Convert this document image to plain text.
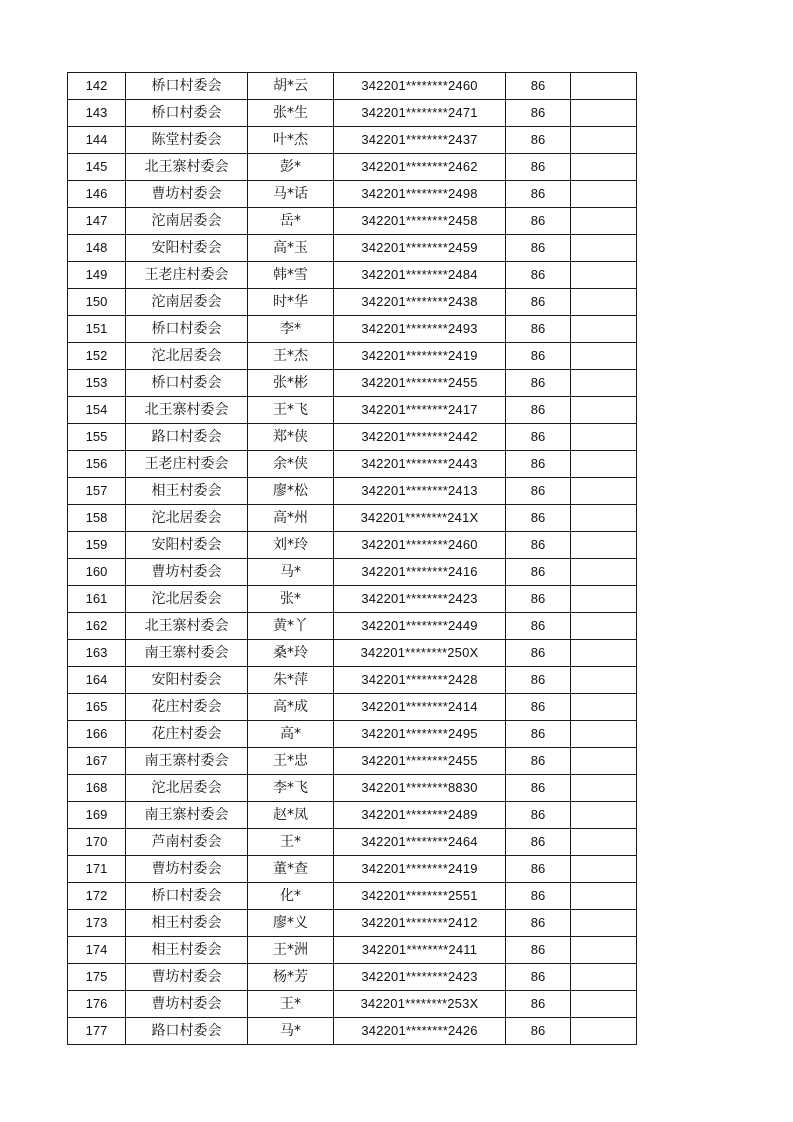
142	桥口村委会	胡*云	342201********2460	86	
143	桥口村委会	张*生	342201********2471	86	
144	陈堂村委会	叶*杰	342201********2437	86	
145	北王寨村委会	彭*	342201********2462	86	
146	曹坊村委会	马*话	342201********2498	86	
147	沱南居委会	岳*	342201********2458	86	
148	安阳村委会	高*玉	342201********2459	86	
149	王老庄村委会	韩*雪	342201********2484	86	
150	沱南居委会	时*华	342201********2438	86	
151	桥口村委会	李*	342201********2493	86	
152	沱北居委会	王*杰	342201********2419	86	
153	桥口村委会	张*彬	342201********2455	86	
154	北王寨村委会	王*飞	342201********2417	86	
155	路口村委会	郑*侠	342201********2442	86	
156	王老庄村委会	余*侠	342201********2443	86	
157	相王村委会	廖*松	342201********2413	86	
158	沱北居委会	高*州	342201********241X	86	
159	安阳村委会	刘*玲	342201********2460	86	
160	曹坊村委会	马*	342201********2416	86	
161	沱北居委会	张*	342201********2423	86	
162	北王寨村委会	黄*丫	342201********2449	86	
163	南王寨村委会	桑*玲	342201********250X	86	
164	安阳村委会	朱*萍	342201********2428	86	
165	花庄村委会	高*成	342201********2414	86	
166	花庄村委会	高*	342201********2495	86	
167	南王寨村委会	王*忠	342201********2455	86	
168	沱北居委会	李*飞	342201********8830	86	
169	南王寨村委会	赵*凤	342201********2489	86	
170	芦南村委会	王*	342201********2464	86	
171	曹坊村委会	董*查	342201********2419	86	
172	桥口村委会	化*	342201********2551	86	
173	相王村委会	廖*义	342201********2412	86	
174	相王村委会	王*洲	342201********2411	86	
175	曹坊村委会	杨*芳	342201********2423	86	
176	曹坊村委会	王*	342201********253X	86	
177	路口村委会	马*	342201********2426	86	
